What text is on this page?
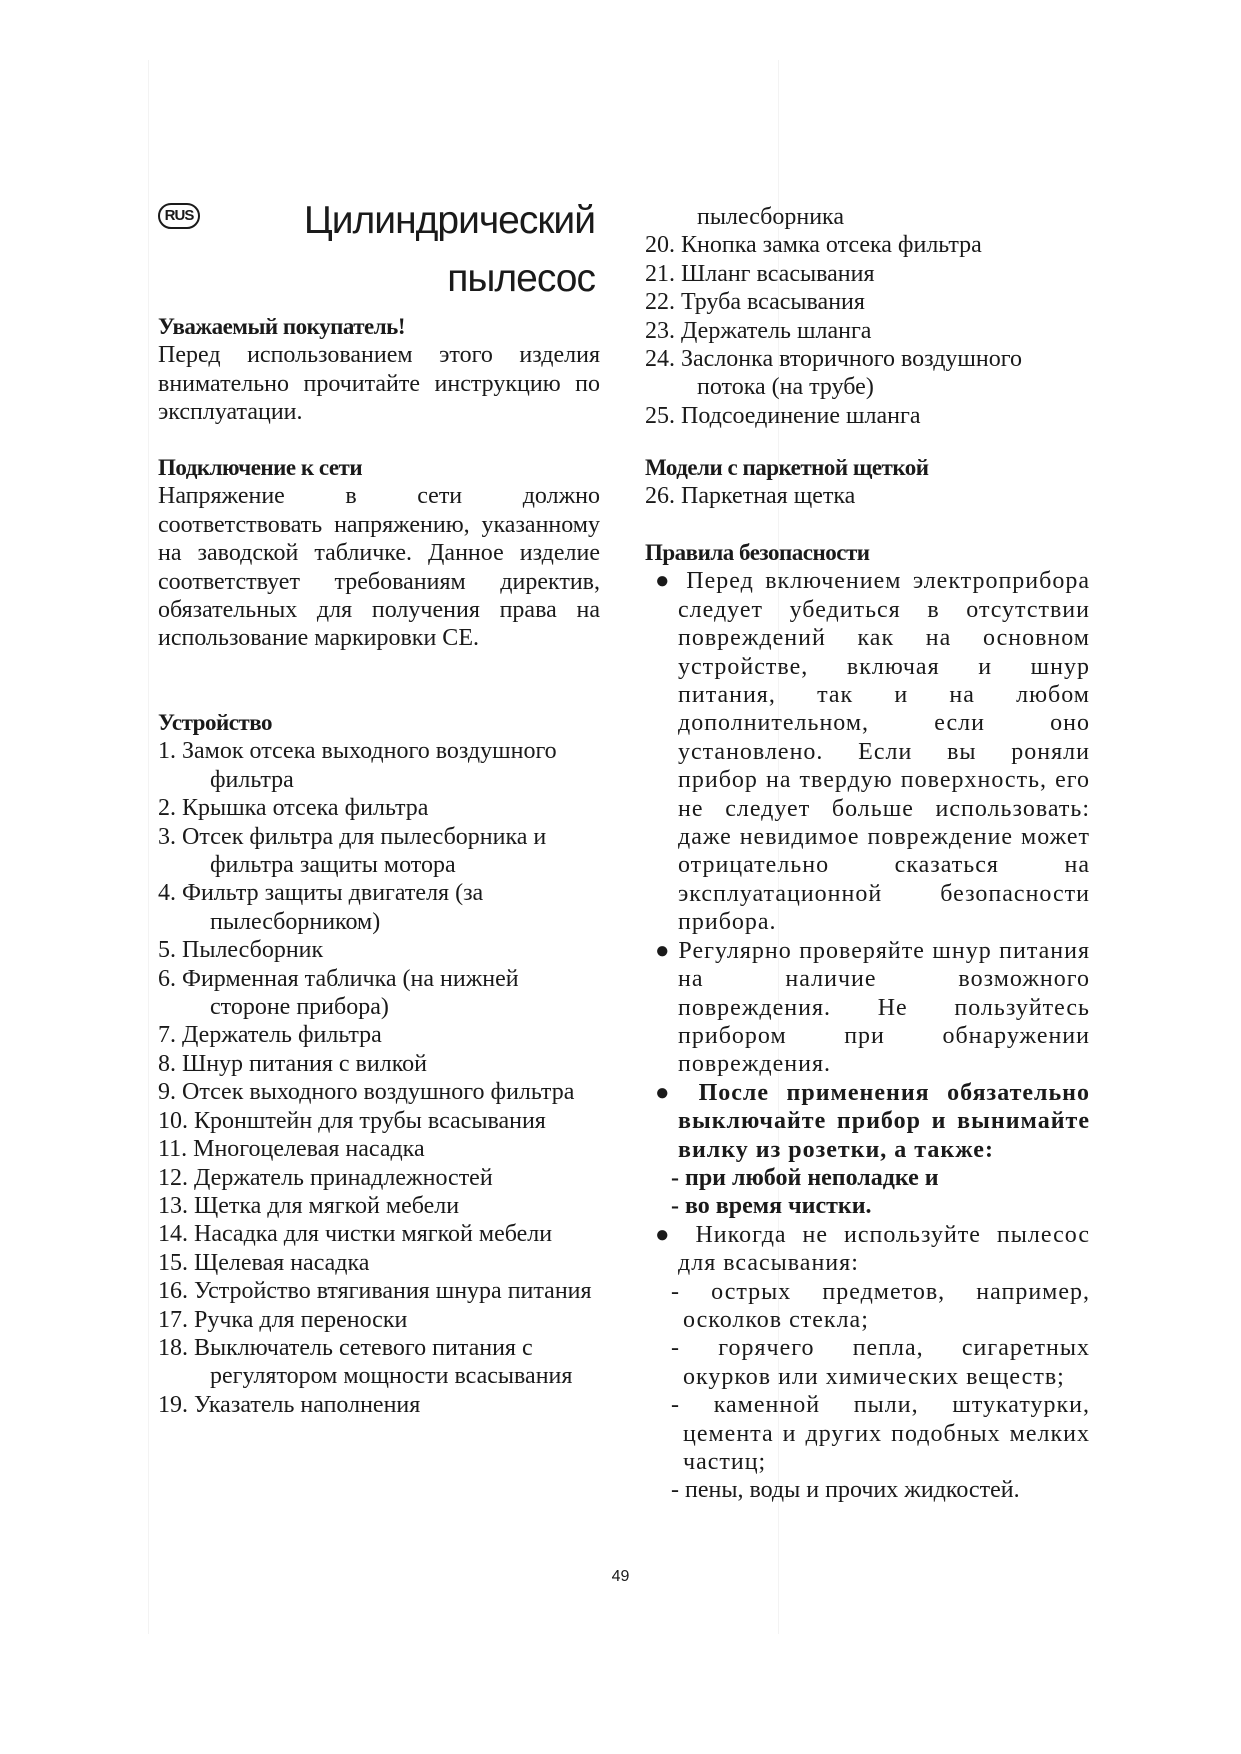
RUS	Цилиндрический
пылесос
Уважаемый покупатель!
Перед использованием этого изделия внимательно прочитайте инструкцию по эксплуатации.
Подключение к сети
Напряжение в сети должно соответствовать напряжению, указанному на заводской табличке. Данное изделие соответствует требованиям директив, обязательных для получения права на использование маркировки CE.
Устройство
1. Замок отсека выходного воздушного фильтра
2. Крышка отсека фильтра
3. Отсек фильтра для пылесборника и фильтра защиты мотора
4. Фильтр защиты двигателя (за пылесборником)
5. Пылесборник
6. Фирменная табличка (на нижней стороне прибора)
7. Держатель фильтра
8. Шнур питания с вилкой
9. Отсек выходного воздушного фильтра
10. Кронштейн для трубы всасывания
11. Многоцелевая насадка
12. Держатель принадлежностей
13. Щетка для мягкой мебели
14. Насадка для чистки мягкой мебели
15. Щелевая насадка
16. Устройство втягивания шнура питания
17. Ручка для переноски
18. Выключатель сетевого питания с регулятором мощности всасывания
19. Указатель наполнения
пылесборника
20. Кнопка замка отсека фильтра
21. Шланг всасывания
22. Труба всасывания
23. Держатель шланга
24. Заслонка вторичного воздушного потока (на трубе)
25. Подсоединение шланга
Модели с паркетной щеткой
26. Паркетная щетка
Правила безопасности
● Перед включением электроприбора следует убедиться в отсутствии повреждений как на основном устройстве, включая и шнур питания, так и на любом дополнительном, если оно установлено. Если вы роняли прибор на твердую поверхность, его не следует больше использовать: даже невидимое повреждение может отрицательно сказаться на эксплуатационной безопасности прибора.
● Регулярно проверяйте шнур питания на наличие возможного повреждения. Не пользуйтесь прибором при обнаружении повреждения.
● После применения обязательно выключайте прибор и вынимайте вилку из розетки, а также:
- при любой неполадке и
- во время чистки.
● Никогда не используйте пылесос для всасывания:
- острых предметов, например, осколков стекла;
- горячего пепла, сигаретных окурков или химических веществ;
- каменной пыли, штукатурки, цемента и других подобных мелких частиц;
- пены, воды и прочих жидкостей.
49
